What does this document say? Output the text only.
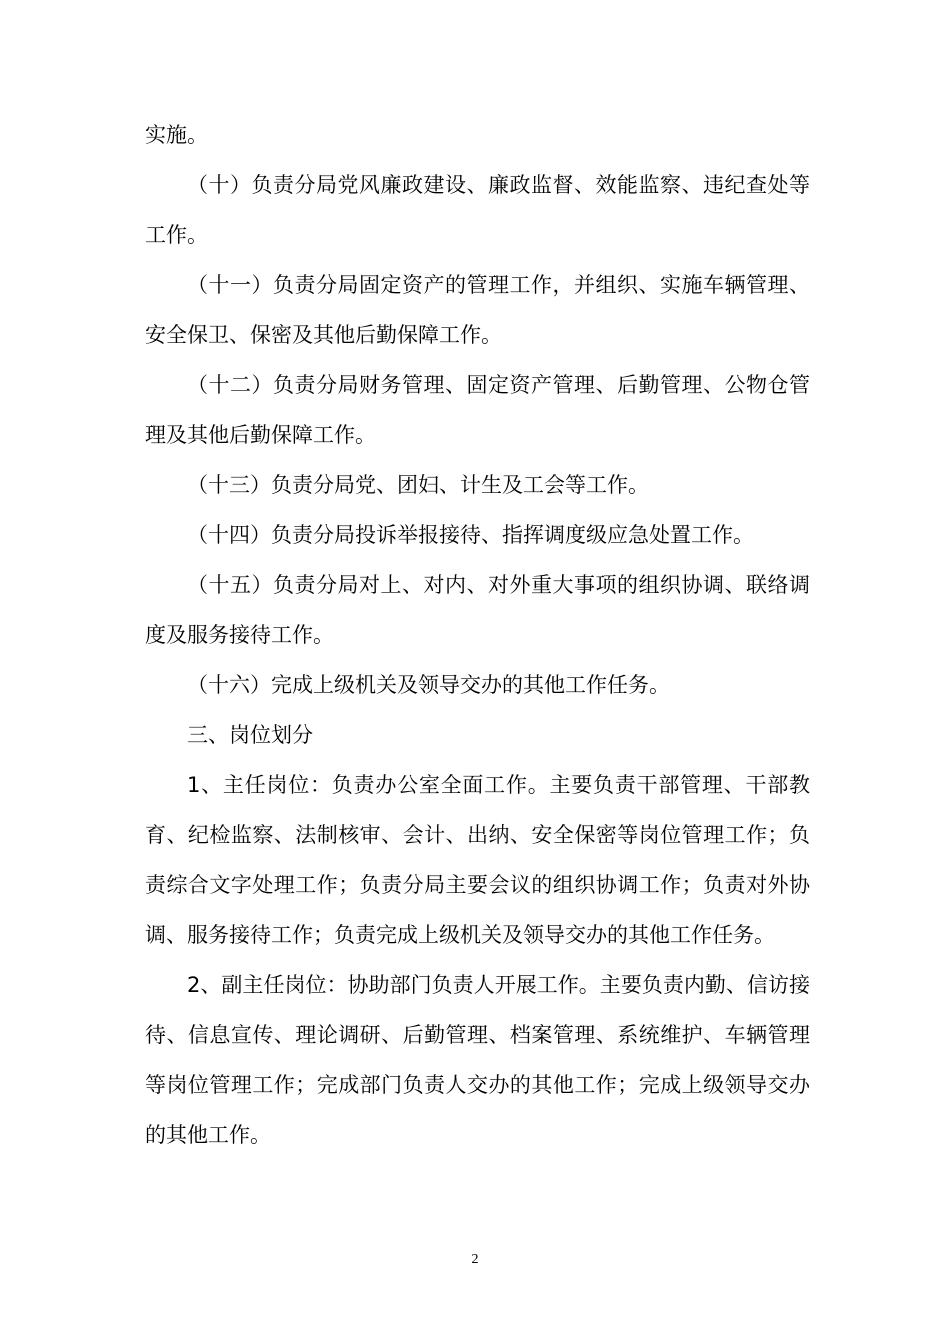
实施。

（十）负责分局党风廉政建设、廉政监督、效能监察、违纪查处等工作。

（十一）负责分局固定资产的管理工作，并组织、实施车辆管理、安全保卫、保密及其他后勤保障工作。

（十二）负责分局财务管理、固定资产管理、后勤管理、公物仓管理及其他后勤保障工作。

（十三）负责分局党、团妇、计生及工会等工作。

（十四）负责分局投诉举报接待、指挥调度级应急处置工作。

（十五）负责分局对上、对内、对外重大事项的组织协调、联络调度及服务接待工作。

（十六）完成上级机关及领导交办的其他工作任务。

三、岗位划分

1、主任岗位：负责办公室全面工作。主要负责干部管理、干部教育、纪检监察、法制核审、会计、出纳、安全保密等岗位管理工作；负责综合文字处理工作；负责分局主要会议的组织协调工作；负责对外协调、服务接待工作；负责完成上级机关及领导交办的其他工作任务。

2、副主任岗位：协助部门负责人开展工作。主要负责内勤、信访接待、信息宣传、理论调研、后勤管理、档案管理、系统维护、车辆管理等岗位管理工作；完成部门负责人交办的其他工作；完成上级领导交办的其他工作。

2
